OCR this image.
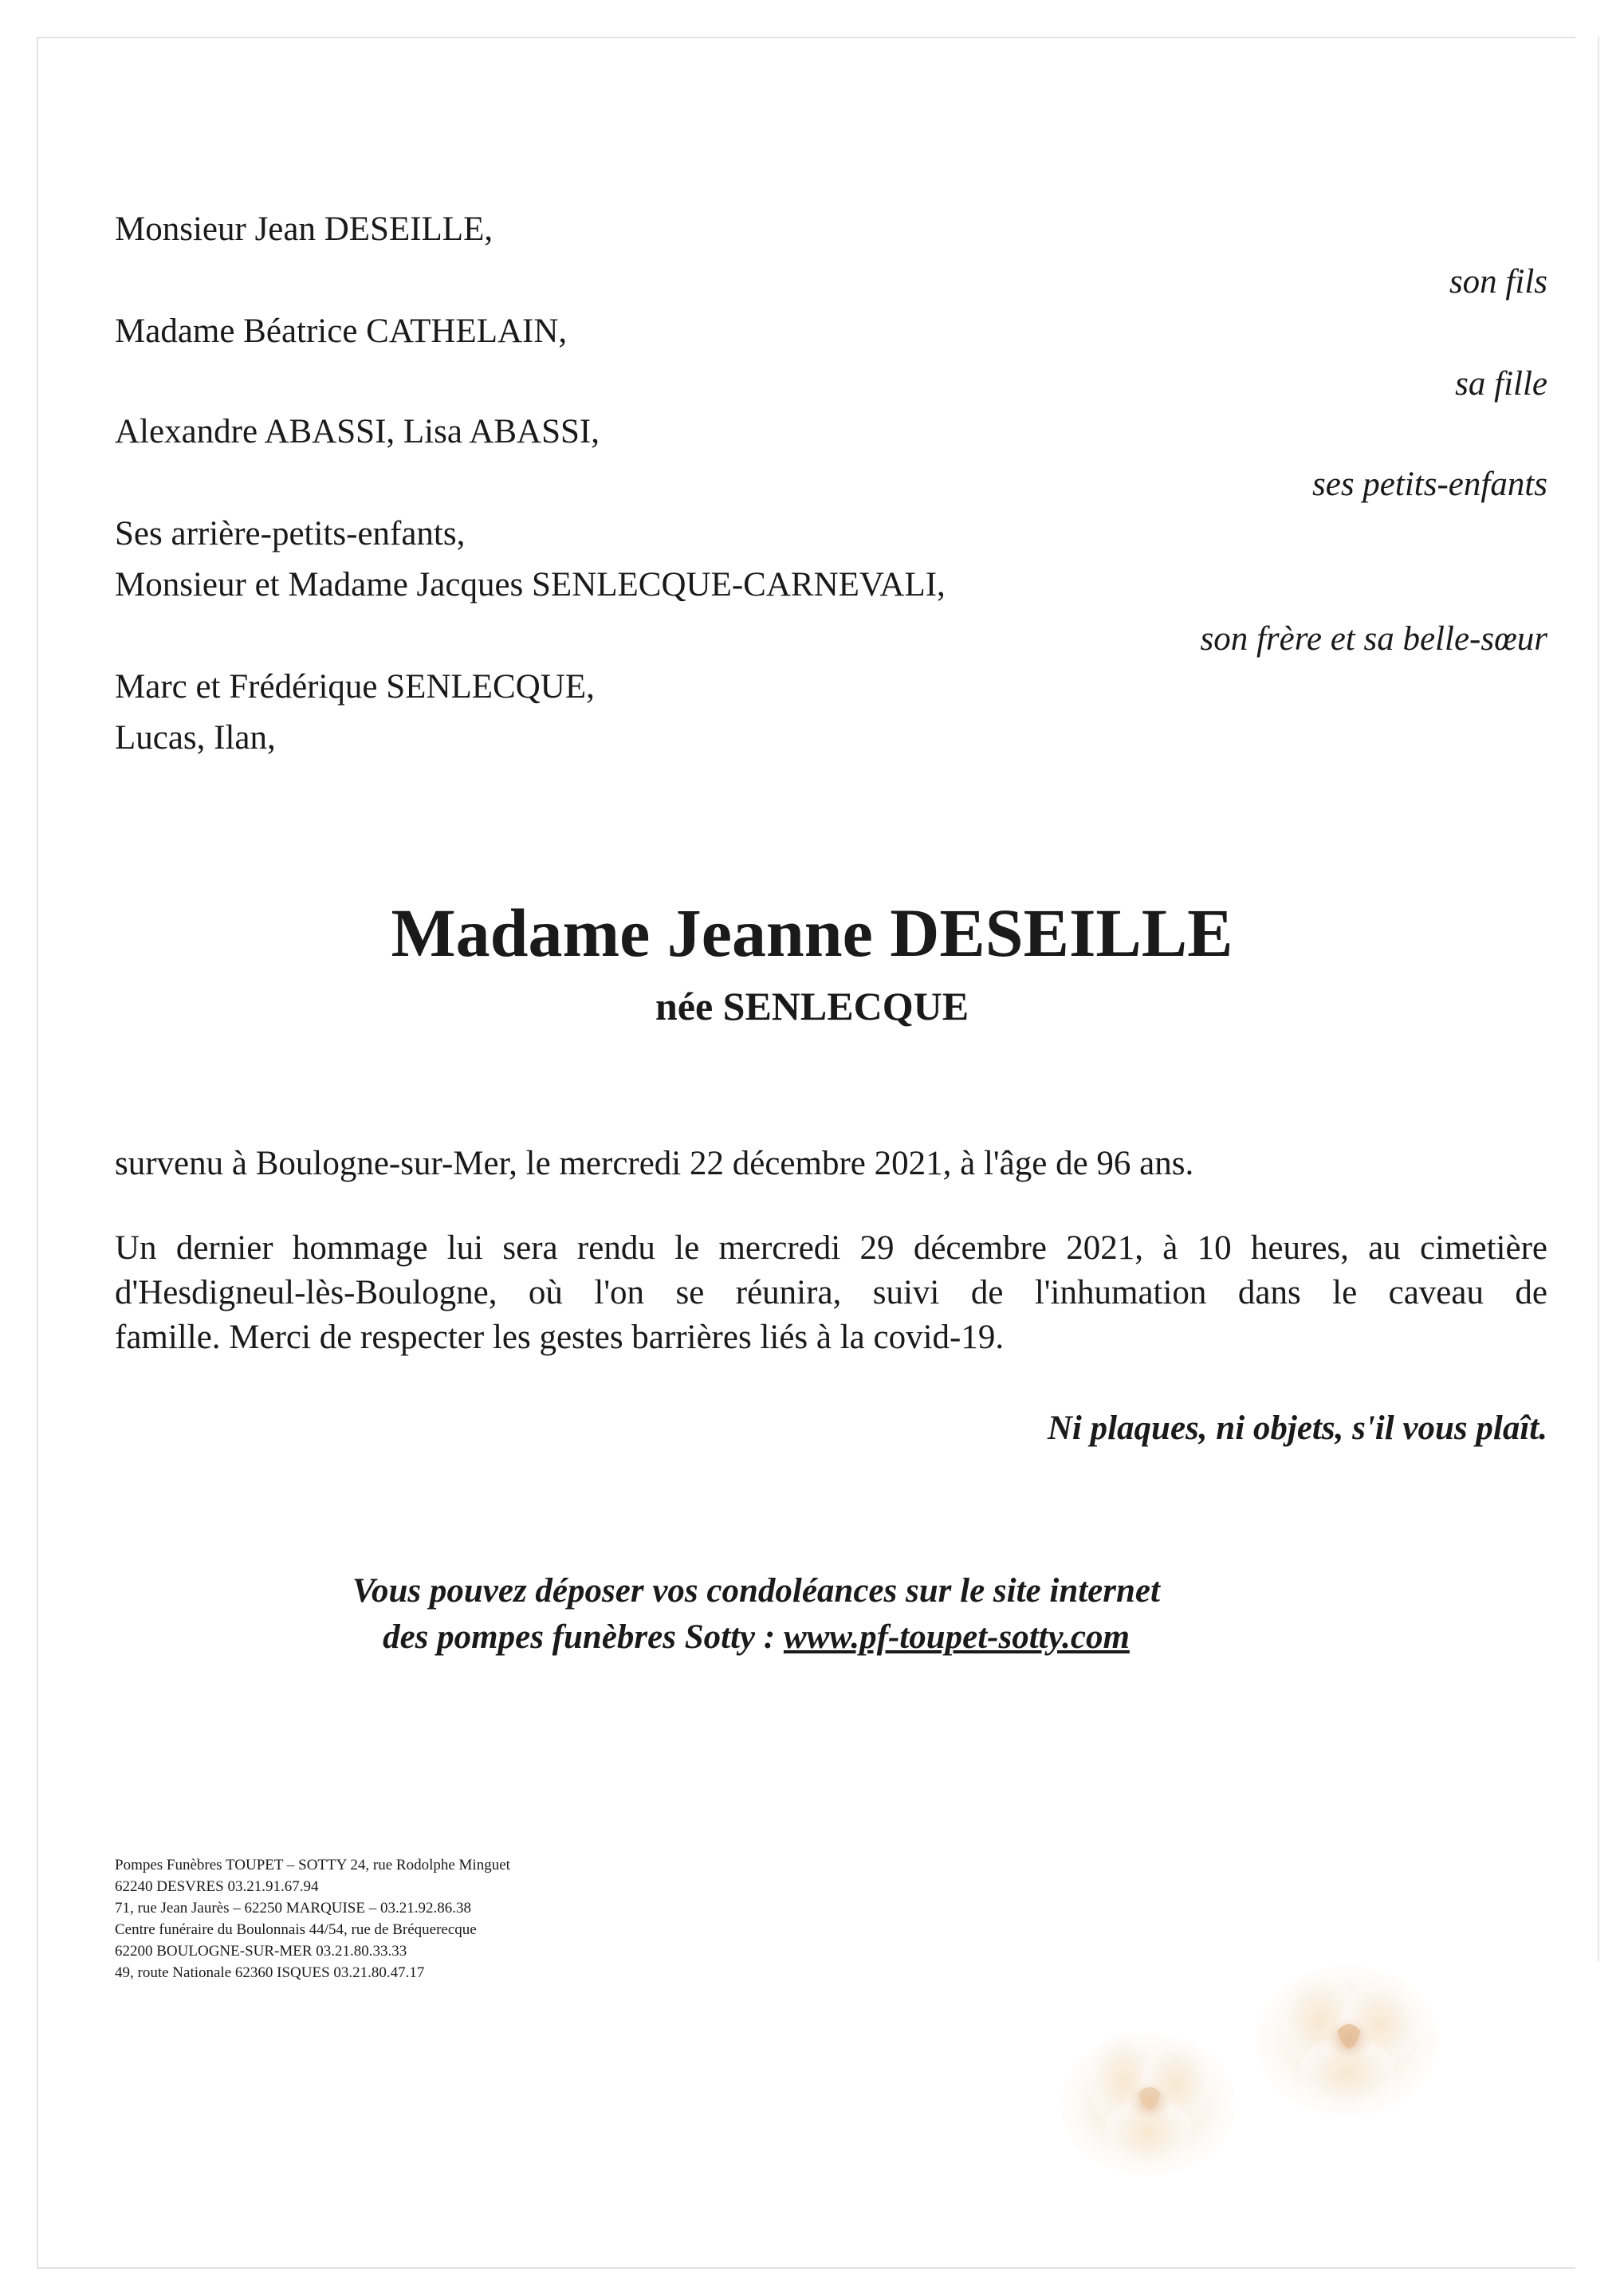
Monsieur Jean DESEILLE,
son fils
Madame Béatrice CATHELAIN,
sa fille
Alexandre ABASSI, Lisa ABASSI,
ses petits-enfants
Ses arrière-petits-enfants,
Monsieur et Madame Jacques SENLECQUE-CARNEVALI,
son frère et sa belle-sœur
Marc et Frédérique SENLECQUE,
Lucas, Ilan,
Madame Jeanne DESEILLE
née SENLECQUE
survenu à Boulogne-sur-Mer, le mercredi 22 décembre 2021, à l'âge de 96 ans.
Un dernier hommage lui sera rendu le mercredi 29 décembre 2021, à 10 heures, au cimetière
d'Hesdigneul-lès-Boulogne, où l'on se réunira, suivi de l'inhumation dans le caveau de
famille. Merci de respecter les gestes barrières liés à la covid-19.
Ni plaques, ni objets, s'il vous plaît.
Vous pouvez déposer vos condoléances sur le site internet
des pompes funèbres Sotty : www.pf-toupet-sotty.com
Pompes Funèbres TOUPET – SOTTY 24, rue Rodolphe Minguet
62240 DESVRES 03.21.91.67.94
71, rue Jean Jaurès – 62250 MARQUISE – 03.21.92.86.38
Centre funéraire du Boulonnais 44/54, rue de Bréquerecque
62200 BOULOGNE-SUR-MER 03.21.80.33.33
49, route Nationale 62360 ISQUES 03.21.80.47.17
